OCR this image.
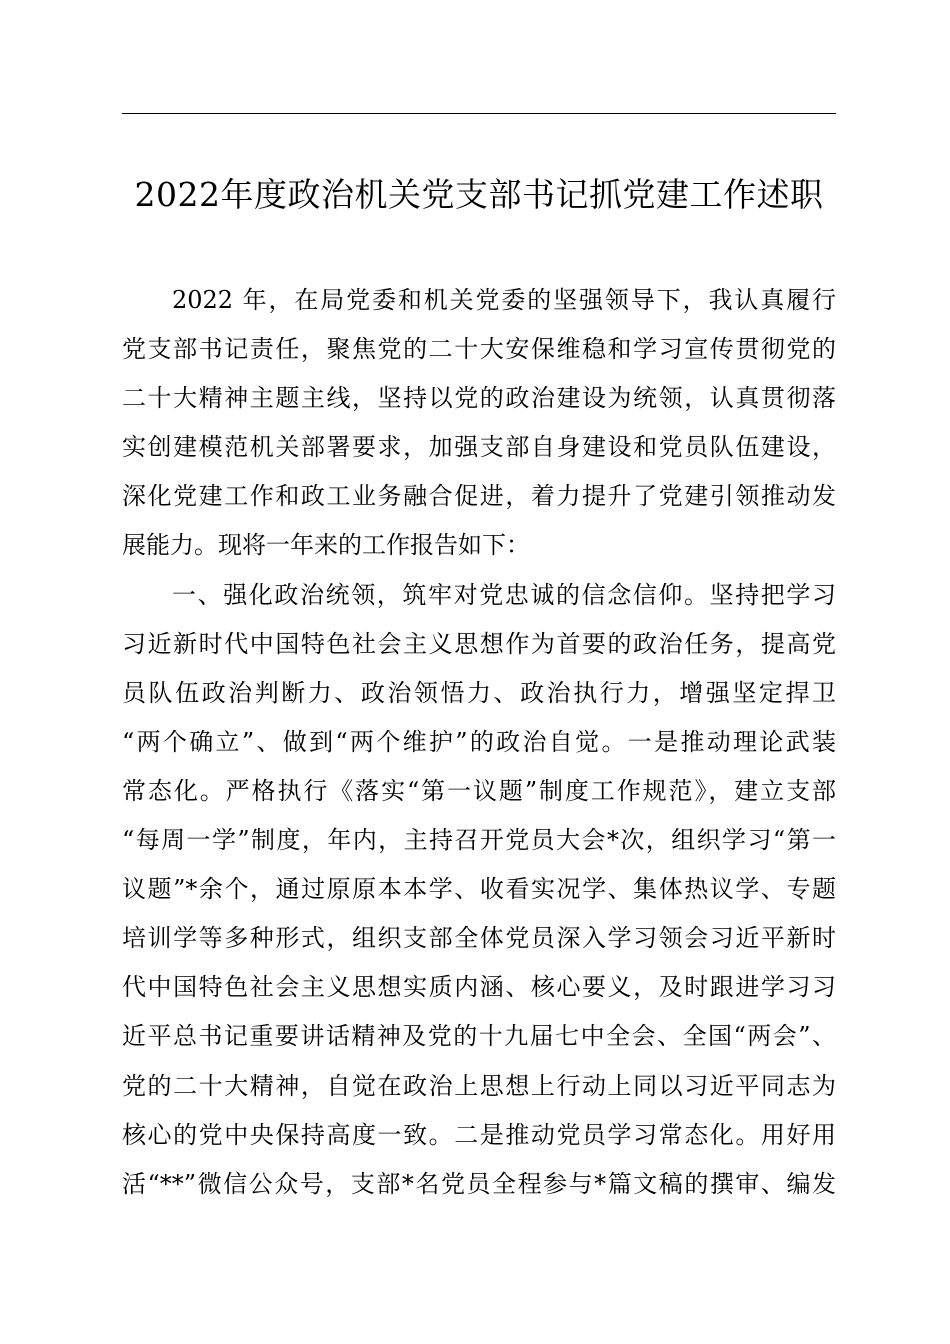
2022年度政治机关党支部书记抓党建工作述职
2022 年，在局党委和机关党委的坚强领导下，我认真履行
党支部书记责任，聚焦党的二十大安保维稳和学习宣传贯彻党的
二十大精神主题主线，坚持以党的政治建设为统领，认真贯彻落
实创建模范机关部署要求，加强支部自身建设和党员队伍建设，
深化党建工作和政工业务融合促进，着力提升了党建引领推动发
展能力。现将一年来的工作报告如下：
一、强化政治统领，筑牢对党忠诚的信念信仰。坚持把学习
习近新时代中国特色社会主义思想作为首要的政治任务，提高党
员队伍政治判断力、政治领悟力、政治执行力，增强坚定捍卫
“两个确立”、做到“两个维护”的政治自觉。一是推动理论武装
常态化。严格执行《落实“第一议题”制度工作规范》，建立支部
“每周一学”制度，年内，主持召开党员大会*次，组织学习“第一
议题”*余个，通过原原本本学、收看实况学、集体热议学、专题
培训学等多种形式，组织支部全体党员深入学习领会习近平新时
代中国特色社会主义思想实质内涵、核心要义，及时跟进学习习
近平总书记重要讲话精神及党的十九届七中全会、全国“两会”、
党的二十大精神，自觉在政治上思想上行动上同以习近平同志为
核心的党中央保持高度一致。二是推动党员学习常态化。用好用
活“**”微信公众号，支部*名党员全程参与*篇文稿的撰审、编发
